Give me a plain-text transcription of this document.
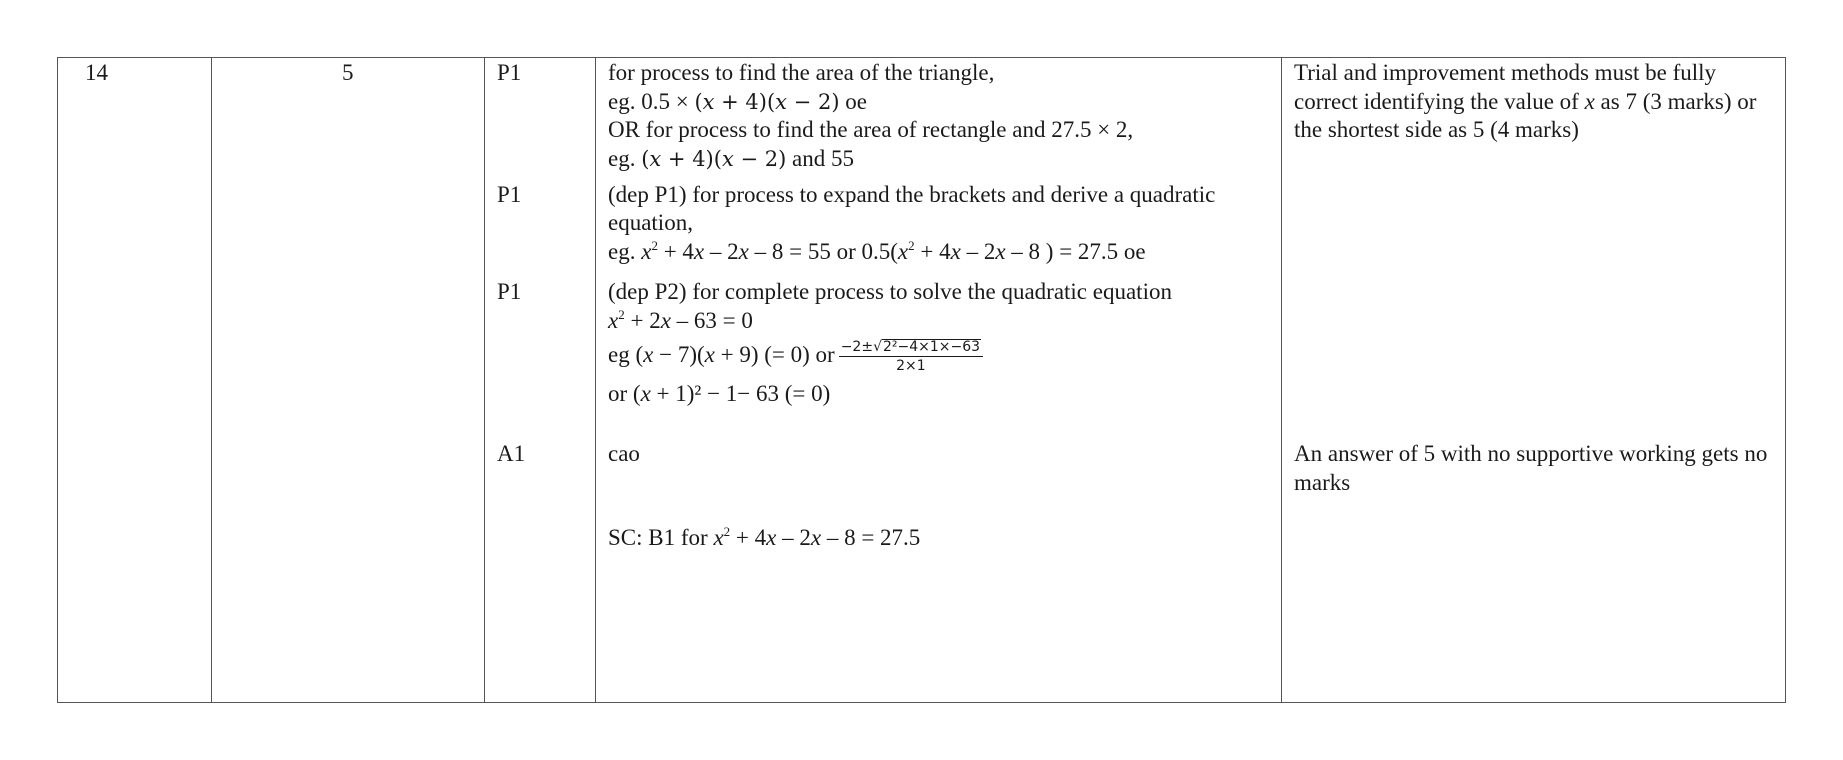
14	5	P1
P1
P1
A1
for process to find the area of the triangle,
eg. 0.5 × (𝑥 + 4)(𝑥 − 2) oe
OR for process to find the area of rectangle and 27.5 × 2,
eg. (𝑥 + 4)(𝑥 − 2) and 55
(dep P1) for process to expand the brackets and derive a quadratic
equation,
eg. $x^2 + 4x - 2x - 8 = 55$ or $0.5(x^2 + 4x - 2x - 8$ ) = 27.5 oe
(dep P2) for complete process to solve the quadratic equation
$x^2 + 2x - 63 = 0$
eg (x − 7)(x + 9) (= 0) or $\frac{\text{−2±√2²−4×1×−63}}{2\times 1}$
or (x + 1)² − 1− 63 (= 0)
cao
SC: B1 for $x^2 + 4x - 2x - 8 = 27.5$
Trial and improvement methods must be fully correct identifying the value of x as 7 (3 marks) or the shortest side as 5 (4 marks)
An answer of 5 with no supportive working gets no marks
